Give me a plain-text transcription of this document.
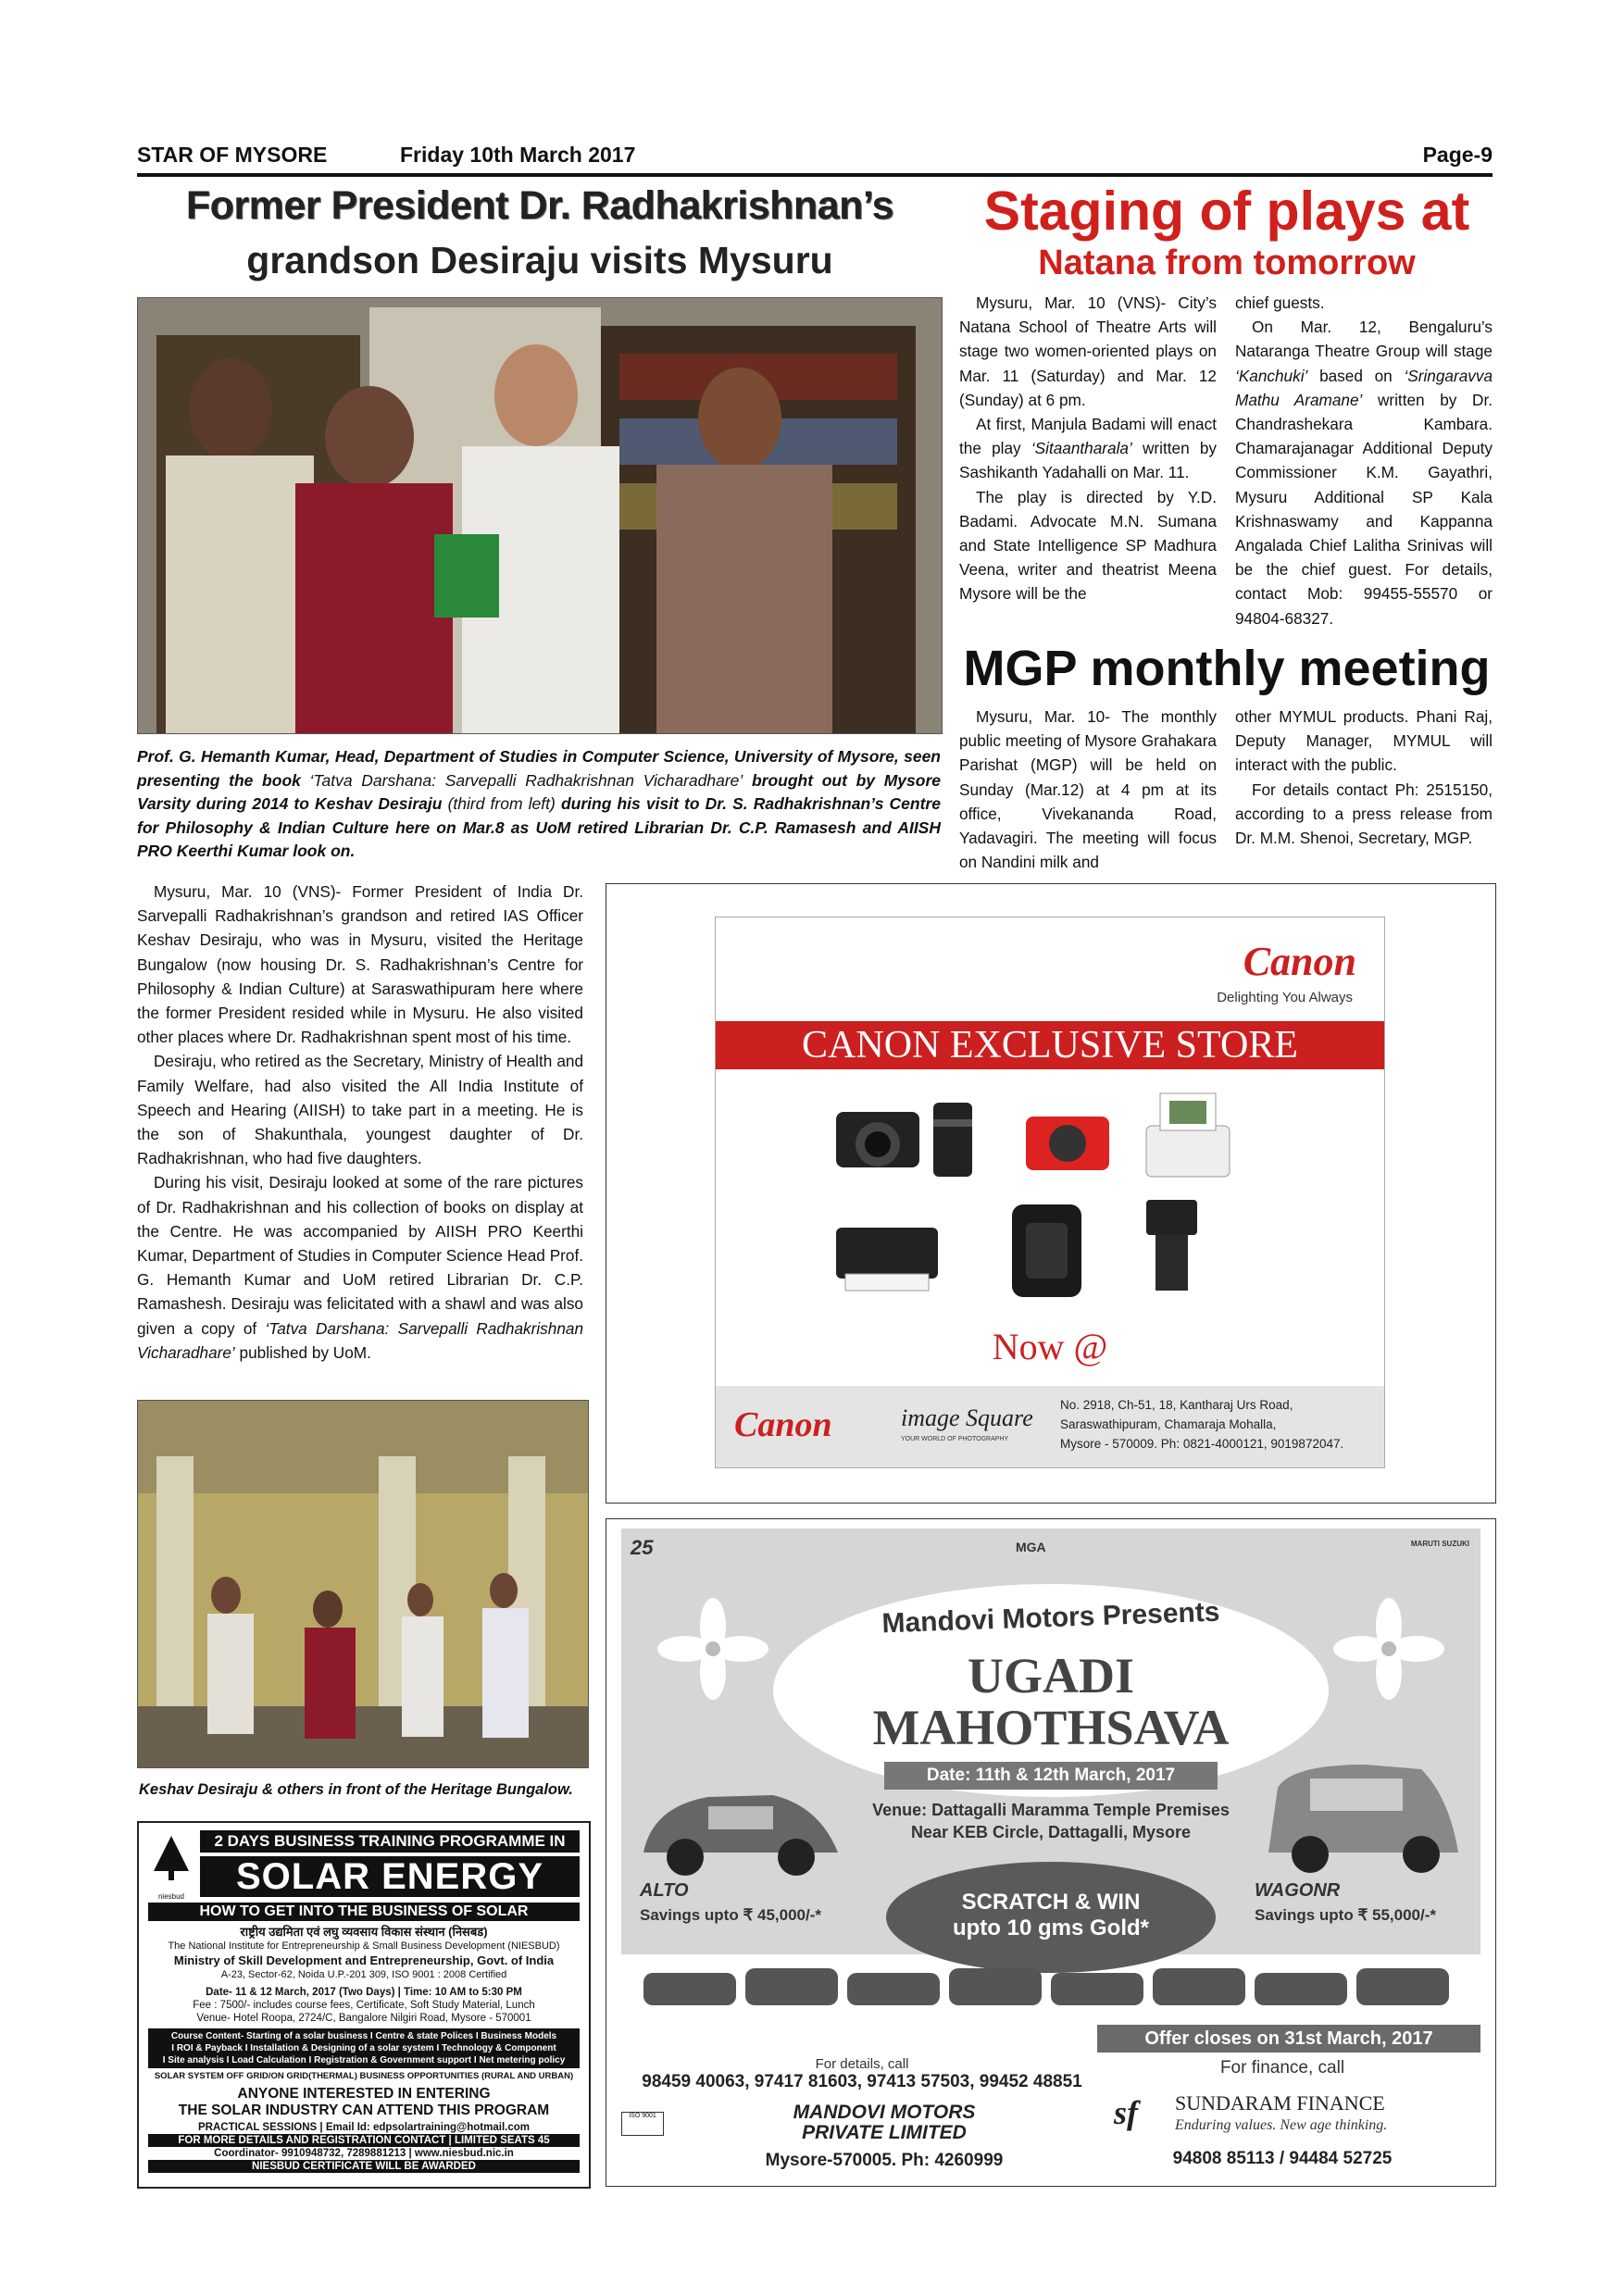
STAR OF MYSORE	Friday 10th March 2017	Page-9
Former President Dr. Radhakrishnan’s
grandson Desiraju visits Mysuru
Prof. G. Hemanth Kumar, Head, Department of Studies in Computer Science, University of Mysore, seen presenting the book ‘Tatva Darshana: Sarvepalli Radhakrishnan Vicharadhare’ brought out by Mysore Varsity during 2014 to Keshav Desiraju (third from left) during his visit to Dr. S. Radhakrishnan’s Centre for Philosophy & Indian Culture here on Mar.8 as UoM retired Librarian Dr. C.P. Ramasesh and AIISH PRO Keerthi Kumar look on.

Mysuru, Mar. 10 (VNS)- Former President of India Dr. Sarvepalli Radhakrishnan’s grandson and retired IAS Officer Keshav Desiraju, who was in Mysuru, visited the Heritage Bungalow (now housing Dr. S. Radhakrishnan’s Centre for Philosophy & Indian Culture) at Saraswathipuram here where the former President resided while in Mysuru. He also visited other places where Dr. Radhakrishnan spent most of his time.

Desiraju, who retired as the Secretary, Ministry of Health and Family Welfare, had also visited the All India Institute of Speech and Hearing (AIISH) to take part in a meeting. He is the son of Shakunthala, youngest daughter of Dr. Radhakrishnan, who had five daughters.

During his visit, Desiraju looked at some of the rare pictures of Dr. Radhakrishnan and his collection of books on display at the Centre. He was accompanied by AIISH PRO Keerthi Kumar, Department of Studies in Computer Science Head Prof. G. Hemanth Kumar and UoM retired Librarian Dr. C.P. Ramashesh. Desiraju was felicitated with a shawl and was also given a copy of ‘Tatva Darshana: Sarvepalli Radhakrishnan Vicharadhare’ published by UoM.

Keshav Desiraju & others in front of the Heritage Bungalow.
niesbud
2 DAYS BUSINESS TRAINING PROGRAMME IN
SOLAR ENERGY
HOW TO GET INTO THE BUSINESS OF SOLAR
राष्ट्रीय उद्यमिता एवं लघु व्यवसाय विकास संस्थान (निसबड)
The National Institute for Entrepreneurship & Small Business Development (NIESBUD)
Ministry of Skill Development and Entrepreneurship, Govt. of India
A-23, Sector-62, Noida U.P.-201 309, ISO 9001 : 2008 Certified
Date- 11 & 12 March, 2017 (Two Days) | Time: 10 AM to 5:30 PM
Fee : 7500/- includes course fees, Certificate, Soft Study Material, Lunch
Venue- Hotel Roopa, 2724/C, Bangalore Nilgiri Road, Mysore - 570001
Course Content- Starting of a solar business I Centre & state Polices I Business Models
I ROI & Payback I Installation & Designing of a solar system I Technology & Component
I Site analysis I Load Calculation I Registration & Government support I Net metering policy
SOLAR SYSTEM OFF GRID/ON GRID(THERMAL) BUSINESS OPPORTUNITIES (RURAL AND URBAN)
ANYONE INTERESTED IN ENTERING
THE SOLAR INDUSTRY CAN ATTEND THIS PROGRAM
PRACTICAL SESSIONS | Email Id: edpsolartraining@hotmail.com
FOR MORE DETAILS AND REGISTRATION CONTACT | LIMITED SEATS 45
Coordinator- 9910948732, 7289881213 | www.niesbud.nic.in
NIESBUD CERTIFICATE WILL BE AWARDED
Staging of plays at
Natana from tomorrow

Mysuru, Mar. 10 (VNS)- City’s Natana School of Theatre Arts will stage two women-oriented plays on Mar. 11 (Saturday) and Mar. 12 (Sunday) at 6 pm.

At first, Manjula Badami will enact the play ‘Sitaantharala’ written by Sashikanth Yadahalli on Mar. 11.

The play is directed by Y.D. Badami. Advocate M.N. Sumana and State Intelligence SP Madhura Veena, writer and theatrist Meena Mysore will be the

chief guests.

On Mar. 12, Bengaluru’s Nataranga Theatre Group will stage ‘Kanchuki’ based on ‘Sringaravva Mathu Aramane’ written by Dr. Chandrashekara Kambara. Chamarajanagar Additional Deputy Commissioner K.M. Gayathri, Mysuru Additional SP Kala Krishnaswamy and Kappanna Angalada Chief Lalitha Srinivas will be the chief guest. For details, contact Mob: 99455-55570 or 94804-68327.

MGP monthly meeting

Mysuru, Mar. 10- The monthly public meeting of Mysore Grahakara Parishat (MGP) will be held on Sunday (Mar.12) at 4 pm at its office, Vivekananda Road, Yadavagiri. The meeting will focus on Nandini milk and

other MYMUL products. Phani Raj, Deputy Manager, MYMUL will interact with the public.

For details contact Ph: 2515150, according to a press release from Dr. M.M. Shenoi, Secretary, MGP.

Canon
Delighting You Always
CANON EXCLUSIVE STORE
Now @
Canon	image Square
YOUR WORLD OF PHOTOGRAPHY
No. 2918, Ch-51, 18, Kantharaj Urs Road,
Saraswathipuram, Chamaraja Mohalla,
Mysore - 570009. Ph: 0821-4000121, 9019872047.
25	MGA	MARUTI SUZUKI
Mandovi Motors Presents
UGADI
MAHOTHSAVA
Date: 11th & 12th March, 2017
Venue: Dattagalli Maramma Temple Premises
Near KEB Circle, Dattagalli, Mysore
ALTO
Savings upto ₹ 45,000/-*
WAGONR
Savings upto ₹ 55,000/-*
SCRATCH & WIN
upto 10 gms Gold*
Offer closes on 31st March, 2017
For details, call
98459 40063, 97417 81603, 97413 57503, 99452 48851
ISO 9001	MANDOVI MOTORS
PRIVATE LIMITED
Mysore-570005. Ph: 4260999
For finance, call
sf SUNDARAM FINANCE
Enduring values. New age thinking.
94808 85113 / 94484 52725
